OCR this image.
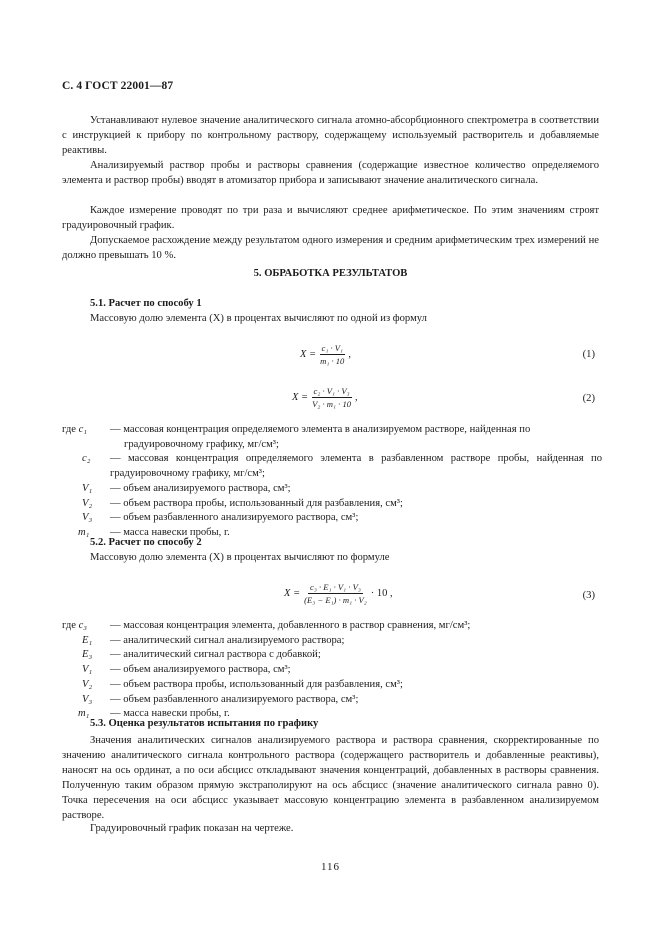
С. 4 ГОСТ 22001—87
Устанавливают нулевое значение аналитического сигнала атомно-абсорбционного спектрометра в соответствии с инструкцией к прибору по контрольному раствору, содержащему используемый растворитель и добавляемые реактивы.
Анализируемый раствор пробы и растворы сравнения (содержащие известное количество определяемого элемента и раствор пробы) вводят в атомизатор прибора и записывают значение аналитического сигнала.
Каждое измерение проводят по три раза и вычисляют среднее арифметическое. По этим значениям строят градуировочный график.
Допускаемое расхождение между результатом одного измерения и средним арифметическим трех измерений не должно превышать 10 %.
5. ОБРАБОТКА РЕЗУЛЬТАТОВ
5.1. Расчет по способу 1
Массовую долю элемента (X) в процентах вычисляют по одной из формул
$X = \frac{\text{c₁ · V₁}}{\text{m₁ · 10}}$ ,	(1)
$X = \frac{\text{c₂ · V₁ · V₃}}{\text{V₂ · m₁ · 10}}$ ,	(2)
где c₁	— массовая концентрация определяемого элемента в анализируемом растворе, найденная по
градуировочному графику, мг/см³;
c₂	— массовая концентрация определяемого элемента в разбавленном растворе пробы, найденная по градуировочному графику, мг/см³;
V₁	— объем анализируемого раствора, см³;
V₂	— объем раствора пробы, использованный для разбавления, см³;
V₃	— объем разбавленного анализируемого раствора, см³;
m₁	— масса навески пробы, г.
5.2. Расчет по способу 2
Массовую долю элемента (X) в процентах вычисляют по формуле
$X = \frac{\text{c₃ · E₁ · V₁ · V₃}}{\text{(E₃ − E₁) · m₁ · V₂}} \cdot 10$ ,	(3)
где c₃	— массовая концентрация элемента, добавленного в раствор сравнения, мг/см³;
E₁	— аналитический сигнал анализируемого раствора;
E₃	— аналитический сигнал раствора с добавкой;
V₁	— объем анализируемого раствора, см³;
V₂	— объем раствора пробы, использованный для разбавления, см³;
V₃	— объем разбавленного анализируемого раствора, см³;
m₁	— масса навески пробы, г.
5.3. Оценка результатов испытания по графику
Значения аналитических сигналов анализируемого раствора и раствора сравнения, скорректированные по значению аналитического сигнала контрольного раствора (содержащего растворитель и добавленные реактивы), наносят на ось ординат, а по оси абсцисс откладывают значения концентраций, добавленных в растворы сравнения. Полученную таким образом прямую экстраполируют на ось абсцисс (значение аналитического сигнала равно 0). Точка пересечения на оси абсцисс указывает массовую концентрацию элемента в разбавленном анализируемом растворе.
Градуировочный график показан на чертеже.
116
